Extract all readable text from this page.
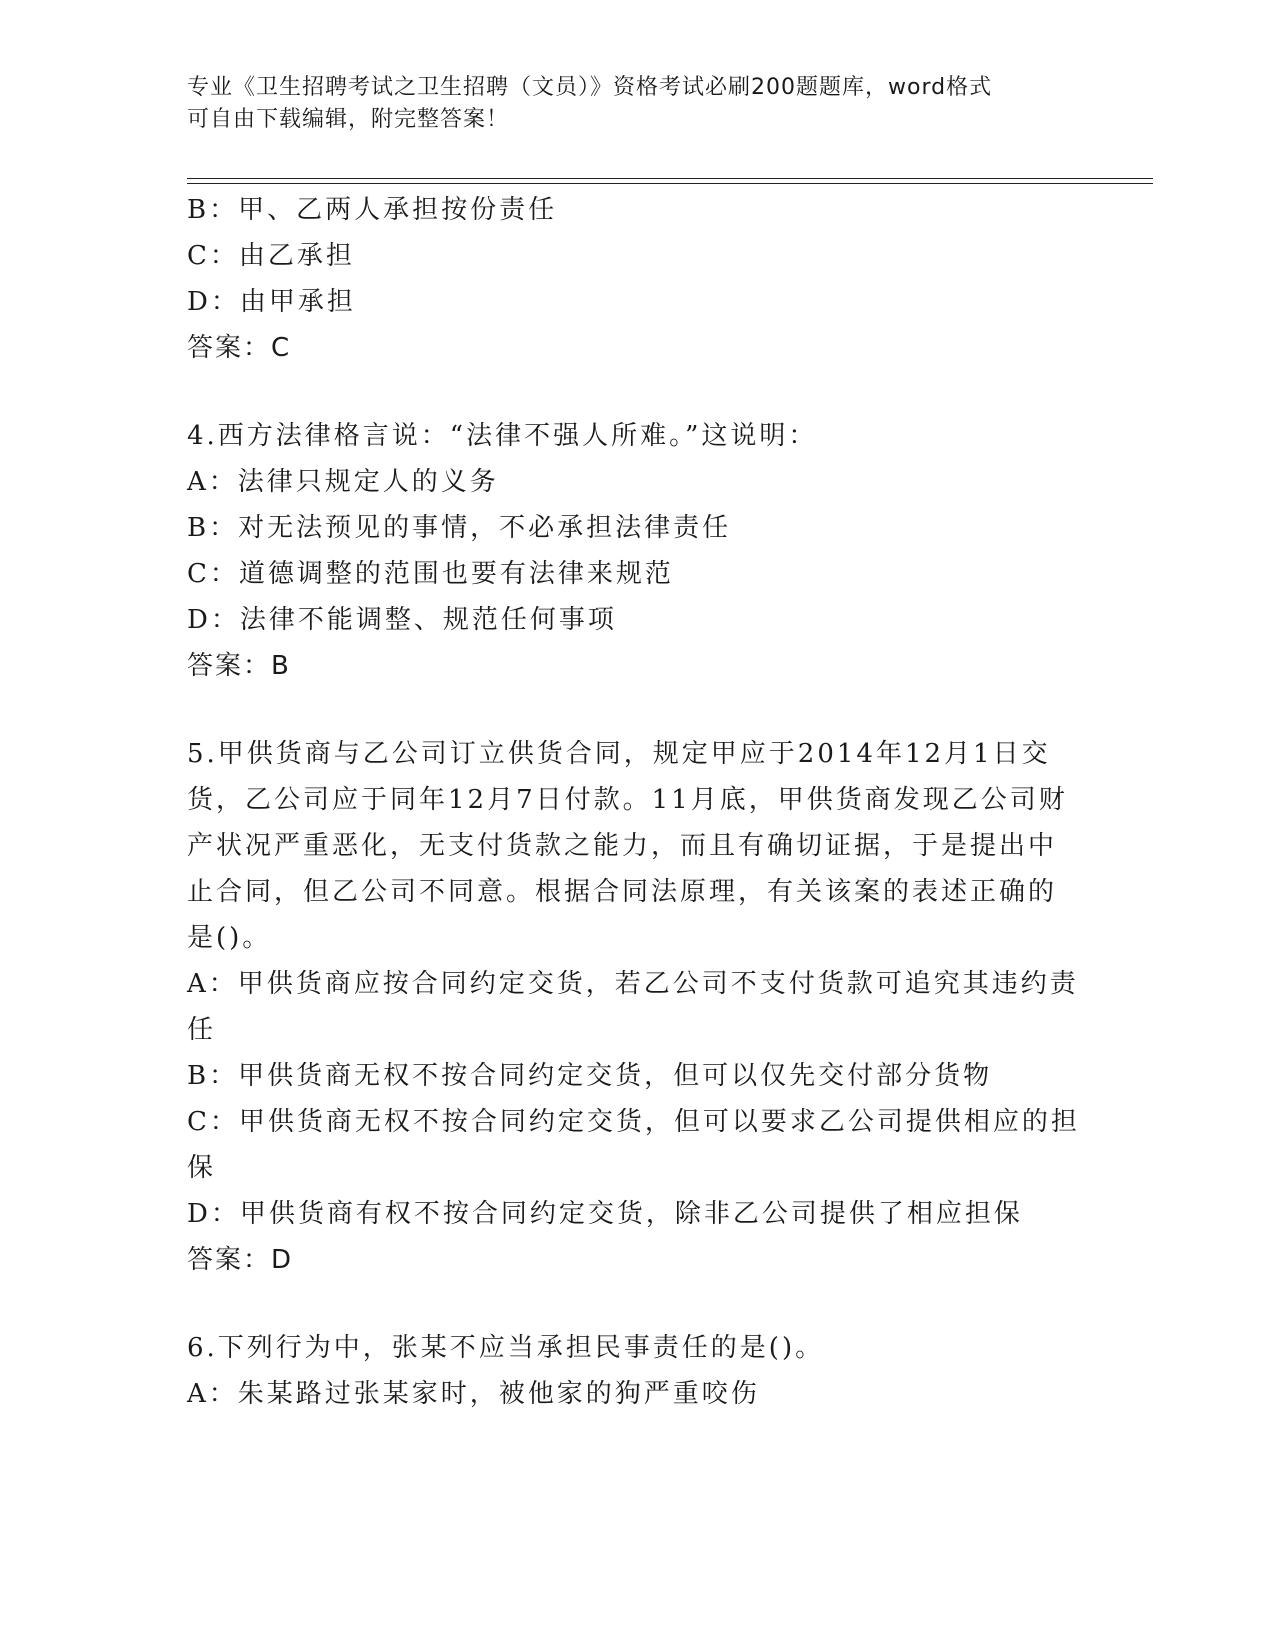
专业《卫生招聘考试之卫生招聘（文员）》资格考试必刷200题题库，word格式
可自由下载编辑，附完整答案！
B：甲、乙两人承担按份责任
C：由乙承担
D：由甲承担
答案：C
4.西方法律格言说：“法律不强人所难。”这说明：
A：法律只规定人的义务
B：对无法预见的事情，不必承担法律责任
C：道德调整的范围也要有法律来规范
D：法律不能调整、规范任何事项
答案：B
5.甲供货商与乙公司订立供货合同，规定甲应于2014年12月1日交
货，乙公司应于同年12月7日付款。11月底，甲供货商发现乙公司财
产状况严重恶化，无支付货款之能力，而且有确切证据，于是提出中
止合同，但乙公司不同意。根据合同法原理，有关该案的表述正确的
是()。
A：甲供货商应按合同约定交货，若乙公司不支付货款可追究其违约责
任
B：甲供货商无权不按合同约定交货，但可以仅先交付部分货物
C：甲供货商无权不按合同约定交货，但可以要求乙公司提供相应的担
保
D：甲供货商有权不按合同约定交货，除非乙公司提供了相应担保
答案：D
6.下列行为中，张某不应当承担民事责任的是()。
A：朱某路过张某家时，被他家的狗严重咬伤
